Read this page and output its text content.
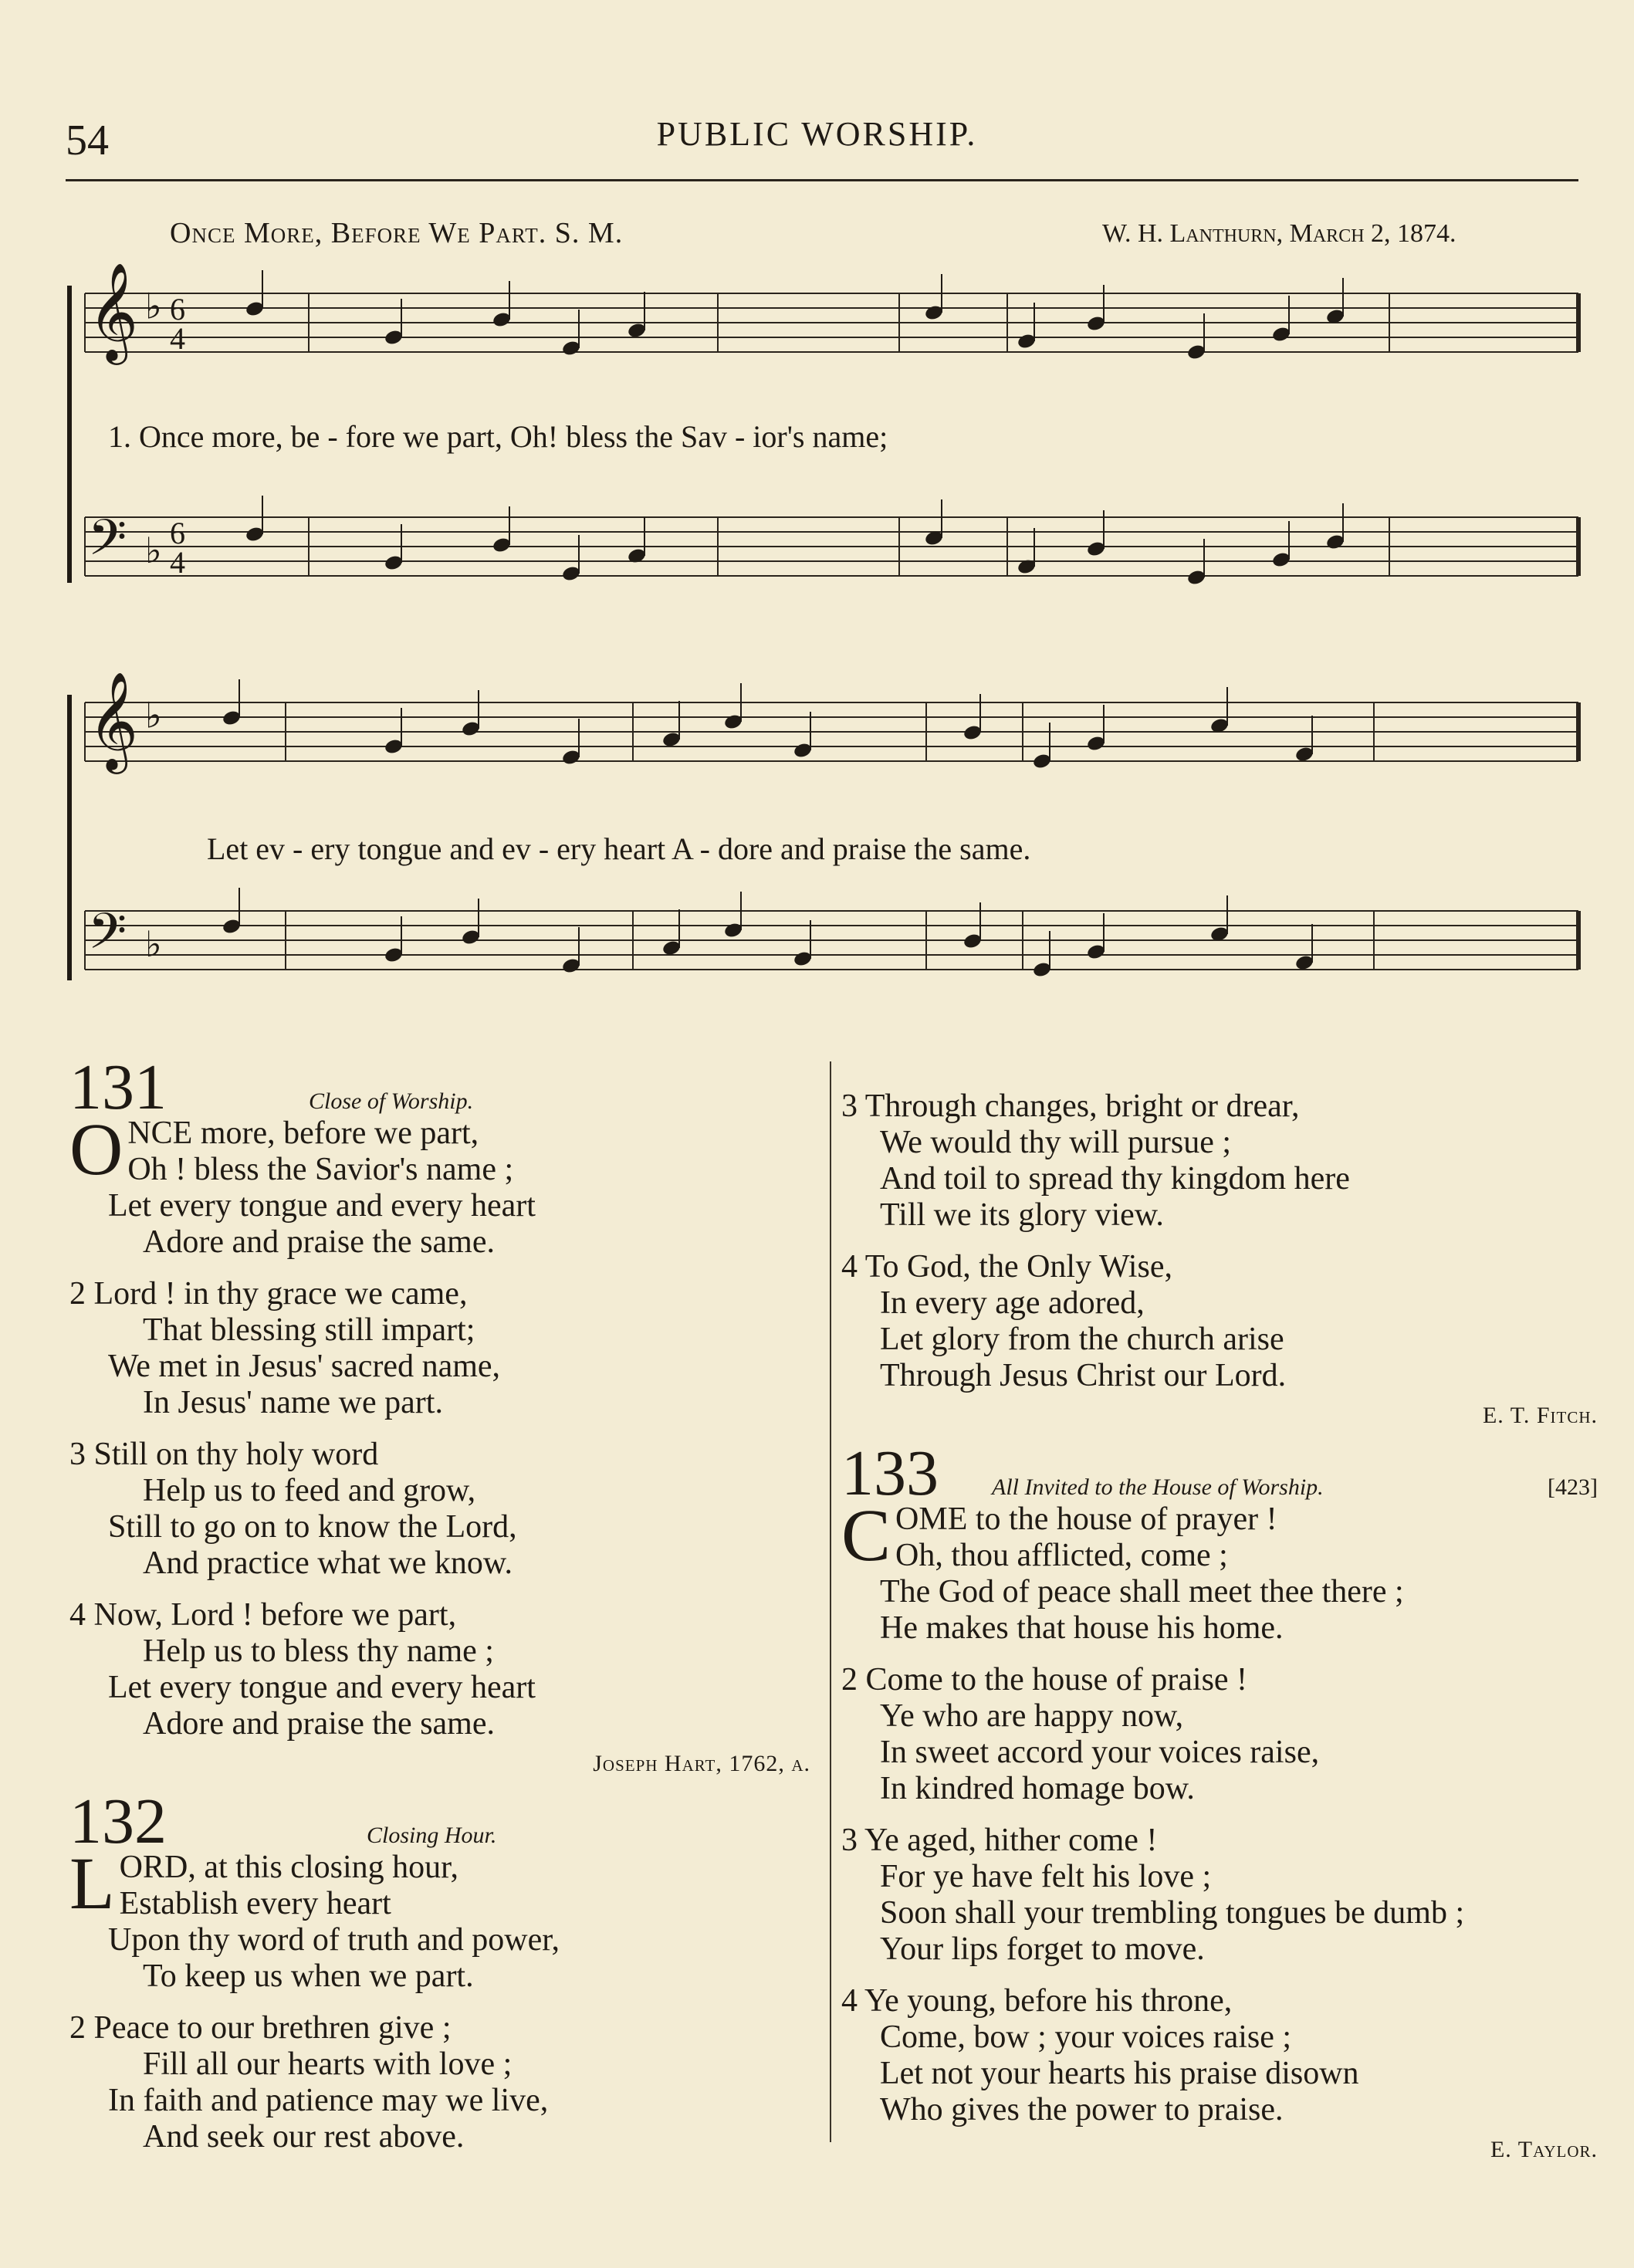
54	PUBLIC WORSHIP.
Once More, Before We Part. S. M.	W. H. Lanthurn, March 2, 1874.
𝄞 ♭ 6
4
𝄢 ♭ 6
4
1. Once more, be - fore we part, Oh! bless the Sav - ior's name;
𝄞 ♭
𝄢 ♭
Let ev - ery tongue and ev - ery heart A - dore and praise the same.
131	Close of Worship.
ONCE more, before we part,
Oh ! bless the Savior's name ;
Let every tongue and every heart
Adore and praise the same.
2 Lord ! in thy grace we came,
That blessing still impart;
We met in Jesus' sacred name,
In Jesus' name we part.
3 Still on thy holy word
Help us to feed and grow,
Still to go on to know the Lord,
And practice what we know.
4 Now, Lord ! before we part,
Help us to bless thy name ;
Let every tongue and every heart
Adore and praise the same.
Joseph Hart, 1762, a.
132	Closing Hour.
LORD, at this closing hour,
Establish every heart
Upon thy word of truth and power,
To keep us when we part.
2 Peace to our brethren give ;
Fill all our hearts with love ;
In faith and patience may we live,
And seek our rest above.
3 Through changes, bright or drear,
We would thy will pursue ;
And toil to spread thy kingdom here
Till we its glory view.
4 To God, the Only Wise,
In every age adored,
Let glory from the church arise
Through Jesus Christ our Lord.
E. T. Fitch.
133 All Invited to the House of Worship.	[423]
COME to the house of prayer !
Oh, thou afflicted, come ;
The God of peace shall meet thee there ;
He makes that house his home.
2 Come to the house of praise !
Ye who are happy now,
In sweet accord your voices raise,
In kindred homage bow.
3 Ye aged, hither come !
For ye have felt his love ;
Soon shall your trembling tongues be dumb ;
Your lips forget to move.
4 Ye young, before his throne,
Come, bow ; your voices raise ;
Let not your hearts his praise disown
Who gives the power to praise.
E. Taylor.
